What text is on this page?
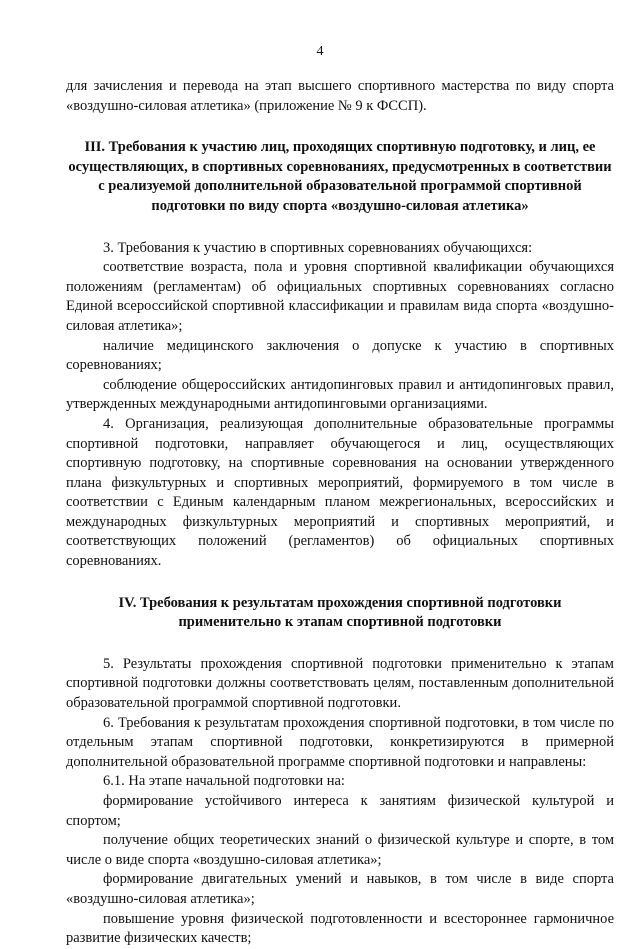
4

для зачисления и перевода на этап высшего спортивного мастерства по виду спорта «воздушно-силовая атлетика» (приложение № 9 к ФССП).

III. Требования к участию лиц, проходящих спортивную подготовку, и лиц, ее осуществляющих, в спортивных соревнованиях, предусмотренных в соответствии с реализуемой дополнительной образовательной программой спортивной подготовки по виду спорта «воздушно-силовая атлетика»

3. Требования к участию в спортивных соревнованиях обучающихся:

соответствие возраста, пола и уровня спортивной квалификации обучающихся положениям (регламентам) об официальных спортивных соревнованиях согласно Единой всероссийской спортивной классификации и правилам вида спорта «воздушно-силовая атлетика»;

наличие медицинского заключения о допуске к участию в спортивных соревнованиях;

соблюдение общероссийских антидопинговых правил и антидопинговых правил, утвержденных международными антидопинговыми организациями.

4. Организация, реализующая дополнительные образовательные программы спортивной подготовки, направляет обучающегося и лиц, осуществляющих спортивную подготовку, на спортивные соревнования на основании утвержденного плана физкультурных и спортивных мероприятий, формируемого в том числе в соответствии с Единым календарным планом межрегиональных, всероссийских и международных физкультурных мероприятий и спортивных мероприятий, и соответствующих положений (регламентов) об официальных спортивных соревнованиях.

IV. Требования к результатам прохождения спортивной подготовки применительно к этапам спортивной подготовки

5. Результаты прохождения спортивной подготовки применительно к этапам спортивной подготовки должны соответствовать целям, поставленным дополнительной образовательной программой спортивной подготовки.

6. Требования к результатам прохождения спортивной подготовки, в том числе по отдельным этапам спортивной подготовки, конкретизируются в примерной дополнительной образовательной программе спортивной подготовки и направлены:

6.1. На этапе начальной подготовки на:

формирование устойчивого интереса к занятиям физической культурой и спортом;

получение общих теоретических знаний о физической культуре и спорте, в том числе о виде спорта «воздушно-силовая атлетика»;

формирование двигательных умений и навыков, в том числе в виде спорта «воздушно-силовая атлетика»;

повышение уровня физической подготовленности и всестороннее гармоничное развитие физических качеств;
